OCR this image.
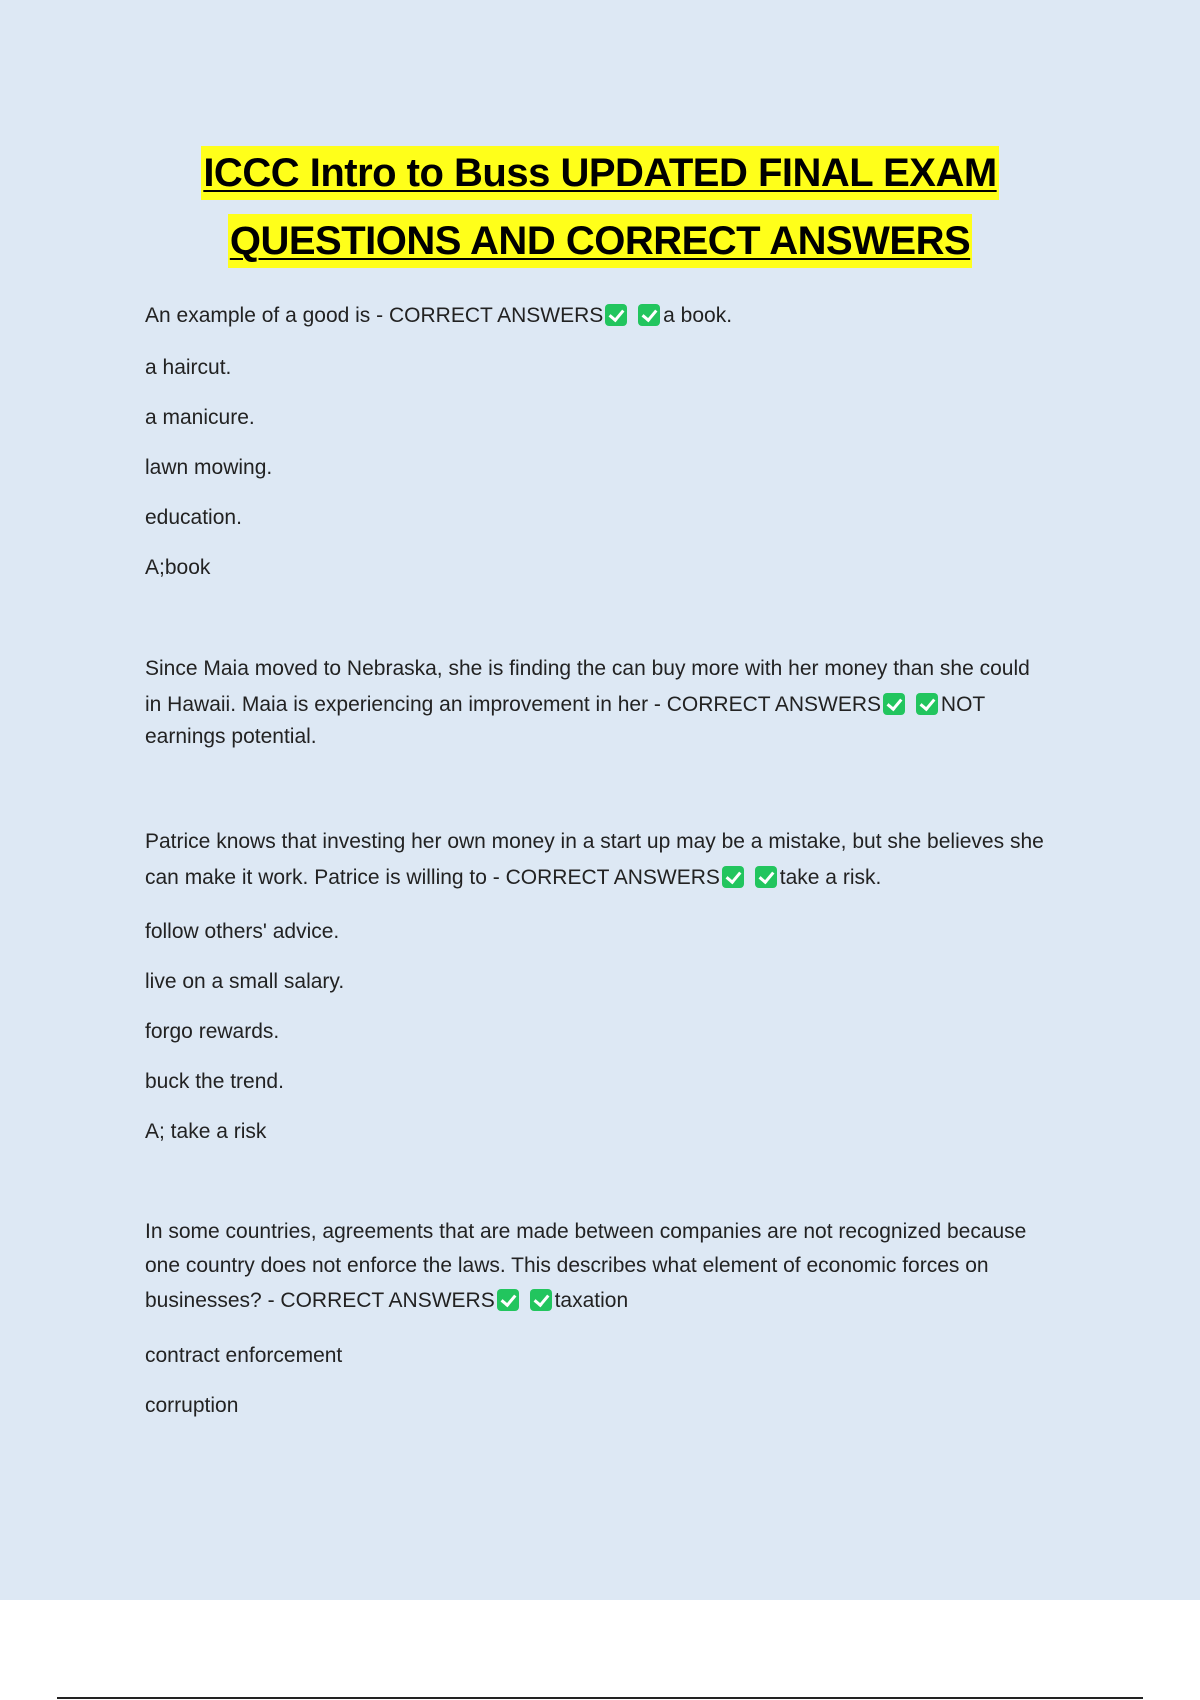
ICCC Intro to Buss UPDATED FINAL EXAM
QUESTIONS AND CORRECT ANSWERS

An example of a good is - CORRECT ANSWERS	a book.

a haircut.

a manicure.

lawn mowing.

education.

A;book

Since Maia moved to Nebraska, she is finding the can buy more with her money than she could

in Hawaii. Maia is experiencing an improvement in her - CORRECT ANSWERS	NOT

earnings potential.

Patrice knows that investing her own money in a start up may be a mistake, but she believes she

can make it work. Patrice is willing to - CORRECT ANSWERS	take a risk.

follow others' advice.

live on a small salary.

forgo rewards.

buck the trend.

A; take a risk

In some countries, agreements that are made between companies are not recognized because

one country does not enforce the laws. This describes what element of economic forces on

businesses? - CORRECT ANSWERS	taxation

contract enforcement

corruption
